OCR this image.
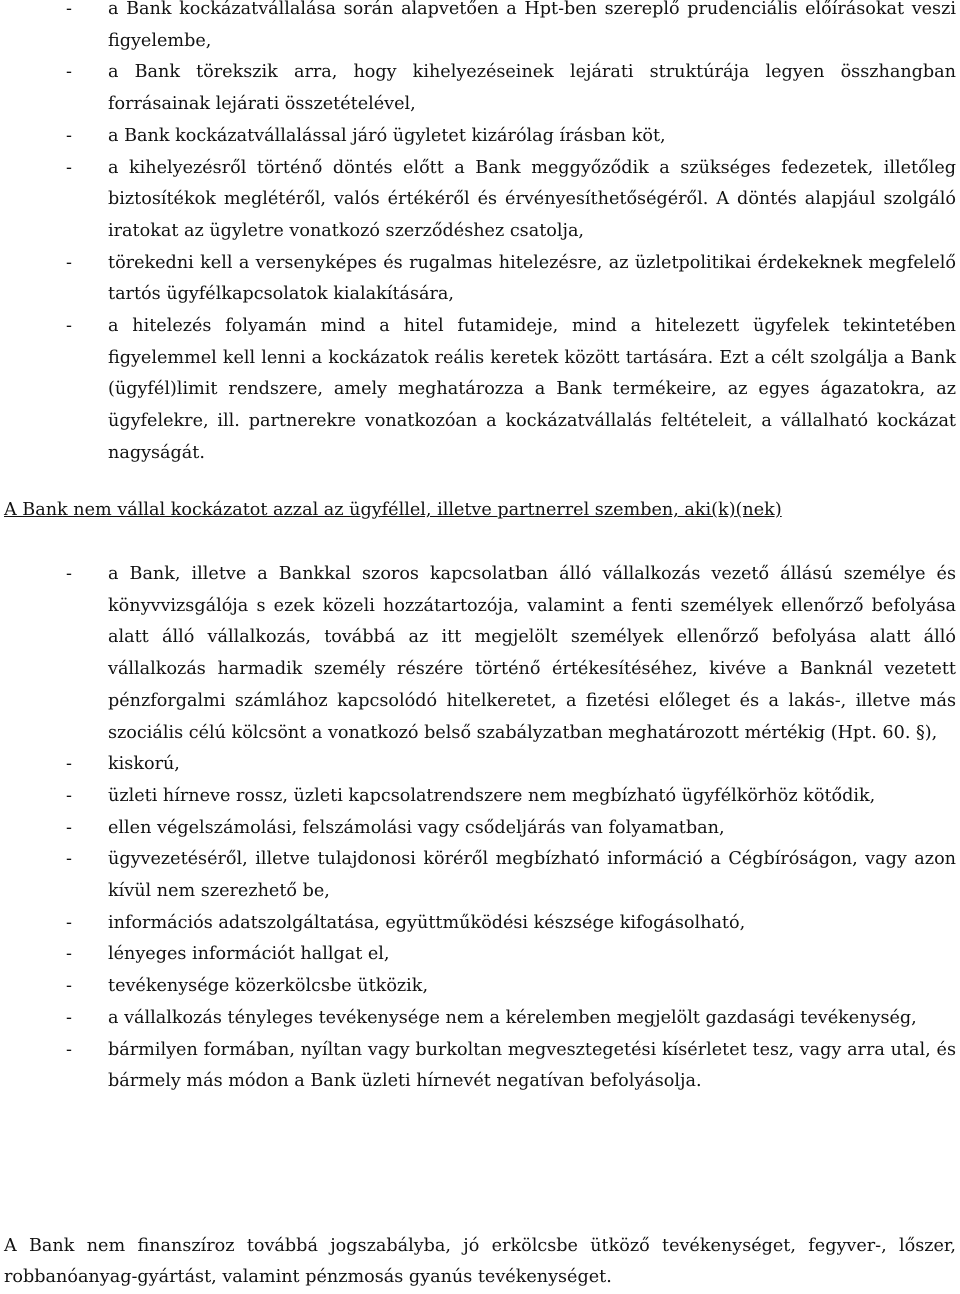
- a Bank kockázatvállalása során alapvetően a Hpt-ben szereplő prudenciális előírásokat veszi figyelembe,
- a Bank törekszik arra, hogy kihelyezéseinek lejárati struktúrája legyen összhangban forrásainak lejárati összetételével,
- a Bank kockázatvállalással járó ügyletet kizárólag írásban köt,
- a kihelyezésről történő döntés előtt a Bank meggyőződik a szükséges fedezetek, illetőleg biztosítékok meglétéről, valós értékéről és érvényesíthetőségéről. A döntés alapjául szolgáló iratokat az ügyletre vonatkozó szerződéshez csatolja,
- törekedni kell a versenyképes és rugalmas hitelezésre, az üzletpolitikai érdekeknek megfelelő tartós ügyfélkapcsolatok kialakítására,
- a hitelezés folyamán mind a hitel futamideje, mind a hitelezett ügyfelek tekintetében figyelemmel kell lenni a kockázatok reális keretek között tartására. Ezt a célt szolgálja a Bank (ügyfél)limit rendszere, amely meghatározza a Bank termékeire, az egyes ágazatokra, az ügyfelekre, ill. partnerekre vonatkozóan a kockázatvállalás feltételeit, a vállalható kockázat nagyságát.
A Bank nem vállal kockázatot azzal az ügyféllel, illetve partnerrel szemben, aki(k)(nek)
- a Bank, illetve a Bankkal szoros kapcsolatban álló vállalkozás vezető állású személye és könyvvizsgálója s ezek közeli hozzátartozója, valamint a fenti személyek ellenőrző befolyása alatt álló vállalkozás, továbbá az itt megjelölt személyek ellenőrző befolyása alatt álló vállalkozás harmadik személy részére történő értékesítéséhez, kivéve a Banknál vezetett pénzforgalmi számlához kapcsolódó hitelkeretet, a fizetési előleget és a lakás-, illetve más szociális célú kölcsönt a vonatkozó belső szabályzatban meghatározott mértékig (Hpt. 60. §),
- kiskorú,
- üzleti hírneve rossz, üzleti kapcsolatrendszere nem megbízható ügyfélkörhöz kötődik,
- ellen végelszámolási, felszámolási vagy csődeljárás van folyamatban,
- ügyvezetéséről, illetve tulajdonosi köréről megbízható információ a Cégbíróságon, vagy azon kívül nem szerezhető be,
- információs adatszolgáltatása, együttműködési készsége kifogásolható,
- lényeges információt hallgat el,
- tevékenysége közerkölcsbe ütközik,
- a vállalkozás tényleges tevékenysége nem a kérelemben megjelölt gazdasági tevékenység,
- bármilyen formában, nyíltan vagy burkoltan megvesztegetési kísérletet tesz, vagy arra utal, és bármely más módon a Bank üzleti hírnevét negatívan befolyásolja.

A Bank nem finanszíroz továbbá jogszabályba, jó erkölcsbe ütköző tevékenységet, fegyver-, lőszer, robbanóanyag-gyártást, valamint pénzmosás gyanús tevékenységet.
